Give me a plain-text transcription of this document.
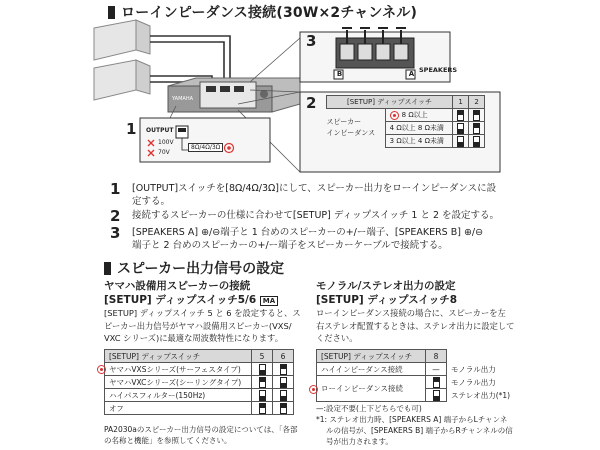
ローインピーダンス接続(30W×2チャンネル)
YAMAHA
3
B	A SPEAKERS
1 OUTPUT
100V
70V
8Ω/4Ω/3Ω
2	[SETUP] ディップスイッチ		1	2
スピーカー
インピーダンス	8 Ω以上		
	4 Ω以上 8 Ω未満		
	3 Ω以上 4 Ω未満		
1 [OUTPUT]スイッチを[8Ω/4Ω/3Ω]にして、スピーカー出力をローインピーダンスに設
定する。
2 接続するスピーカーの仕様に合わせて[SETUP] ディップスイッチ 1 と 2 を設定する。
3 [SPEAKERS A] ⊕/⊖端子と 1 台めのスピーカーの+/ー端子、[SPEAKERS B] ⊕/⊖
端子と 2 台めのスピーカーの+/ー端子をスピーカーケーブルで接続する。
スピーカー出力信号の設定
ヤマハ設備用スピーカーの接続
[SETUP] ディップスイッチ5/6 MA
[SETUP] ディップスイッチ 5 と 6 を設定すると、ス
ピーカー出力信号がヤマハ設備用スピーカー(VXS/
VXC シリーズ)に最適な周波数特性になります。
[SETUP] ディップスイッチ	5	6
ヤマハVXSシリーズ(サーフェスタイプ)		
ヤマハVXCシリーズ(シーリングタイプ)		
ハイパスフィルター(150Hz)		
オフ		
PA2030aのスピーカー出力信号の設定については、「各部
の名称と機能」を参照してください。
モノラル/ステレオ出力の設定
[SETUP] ディップスイッチ8
ローインピーダンス接続の場合に、スピーカーを左
右ステレオ配置するときは、ステレオ出力に設定して
ください。
[SETUP] ディップスイッチ	8	
ハイインピーダンス接続	—	モノラル出力
ローインピーダンス接続		モノラル出力
		ステレオ出力(*1)
—:設定不要(上下どちらでも可)
*1: ステレオ出力時、[SPEAKERS A] 端子からLチャンネ
ルの信号が、[SPEAKERS B] 端子からRチャンネルの信
号が出力されます。
